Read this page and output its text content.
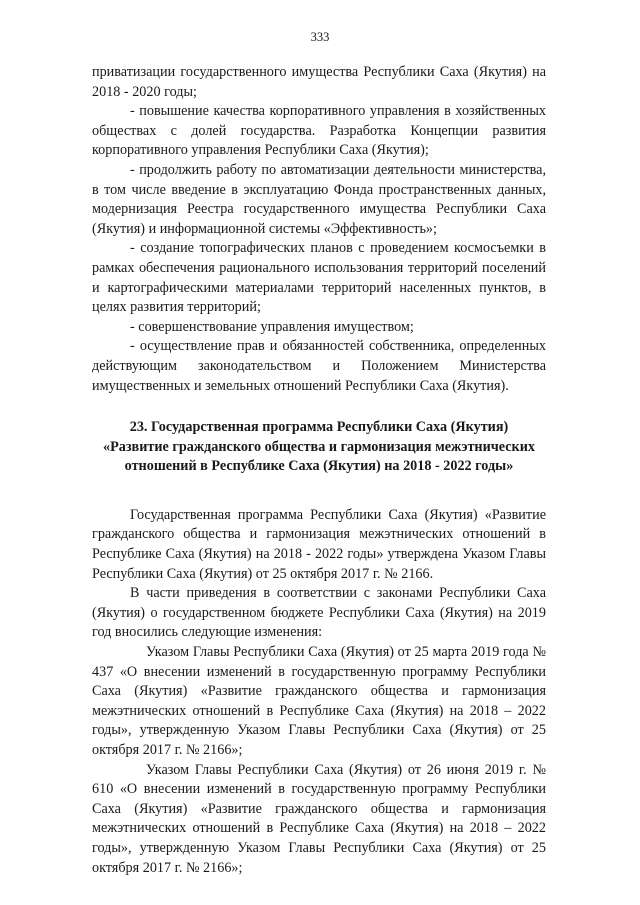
333

приватизации государственного имущества Республики Саха (Якутия) на 2018 - 2020 годы;

- повышение качества корпоративного управления в хозяйственных обществах с долей государства. Разработка Концепции развития корпоративного управления Республики Саха (Якутия);

- продолжить работу по автоматизации деятельности министерства, в том числе введение в эксплуатацию Фонда пространственных данных, модернизация Реестра государственного имущества Республики Саха (Якутия) и информационной системы «Эффективность»;

- создание топографических планов с проведением космосъемки в рамках обеспечения рационального использования территорий поселений и картографическими материалами территорий населенных пунктов, в целях развития территорий;

- совершенствование управления имуществом;

- осуществление прав и обязанностей собственника, определенных действующим законодательством и Положением Министерства имущественных и земельных отношений Республики Саха (Якутия).

23. Государственная программа Республики Саха (Якутия)

«Развитие гражданского общества и гармонизация межэтнических

отношений в Республике Саха (Якутия) на 2018 - 2022 годы»

Государственная программа Республики Саха (Якутия) «Развитие гражданского общества и гармонизация межэтнических отношений в Республике Саха (Якутия) на 2018 - 2022 годы» утверждена Указом Главы Республики Саха (Якутия) от 25 октября 2017 г. № 2166.

В части приведения в соответствии с законами Республики Саха (Якутия) о государственном бюджете Республики Саха (Якутия) на 2019 год вносились следующие изменения:

Указом Главы Республики Саха (Якутия) от 25 марта 2019 года № 437 «О внесении изменений в государственную программу Республики Саха (Якутия) «Развитие гражданского общества и гармонизация межэтнических отношений в Республике Саха (Якутия) на 2018 – 2022 годы», утвержденную Указом Главы Республики Саха (Якутия) от 25 октября 2017 г. № 2166»;

Указом Главы Республики Саха (Якутия) от 26 июня 2019 г. № 610 «О внесении изменений в государственную программу Республики Саха (Якутия) «Развитие гражданского общества и гармонизация межэтнических отношений в Республике Саха (Якутия) на 2018 – 2022 годы», утвержденную Указом Главы Республики Саха (Якутия) от 25 октября 2017 г. № 2166»;
